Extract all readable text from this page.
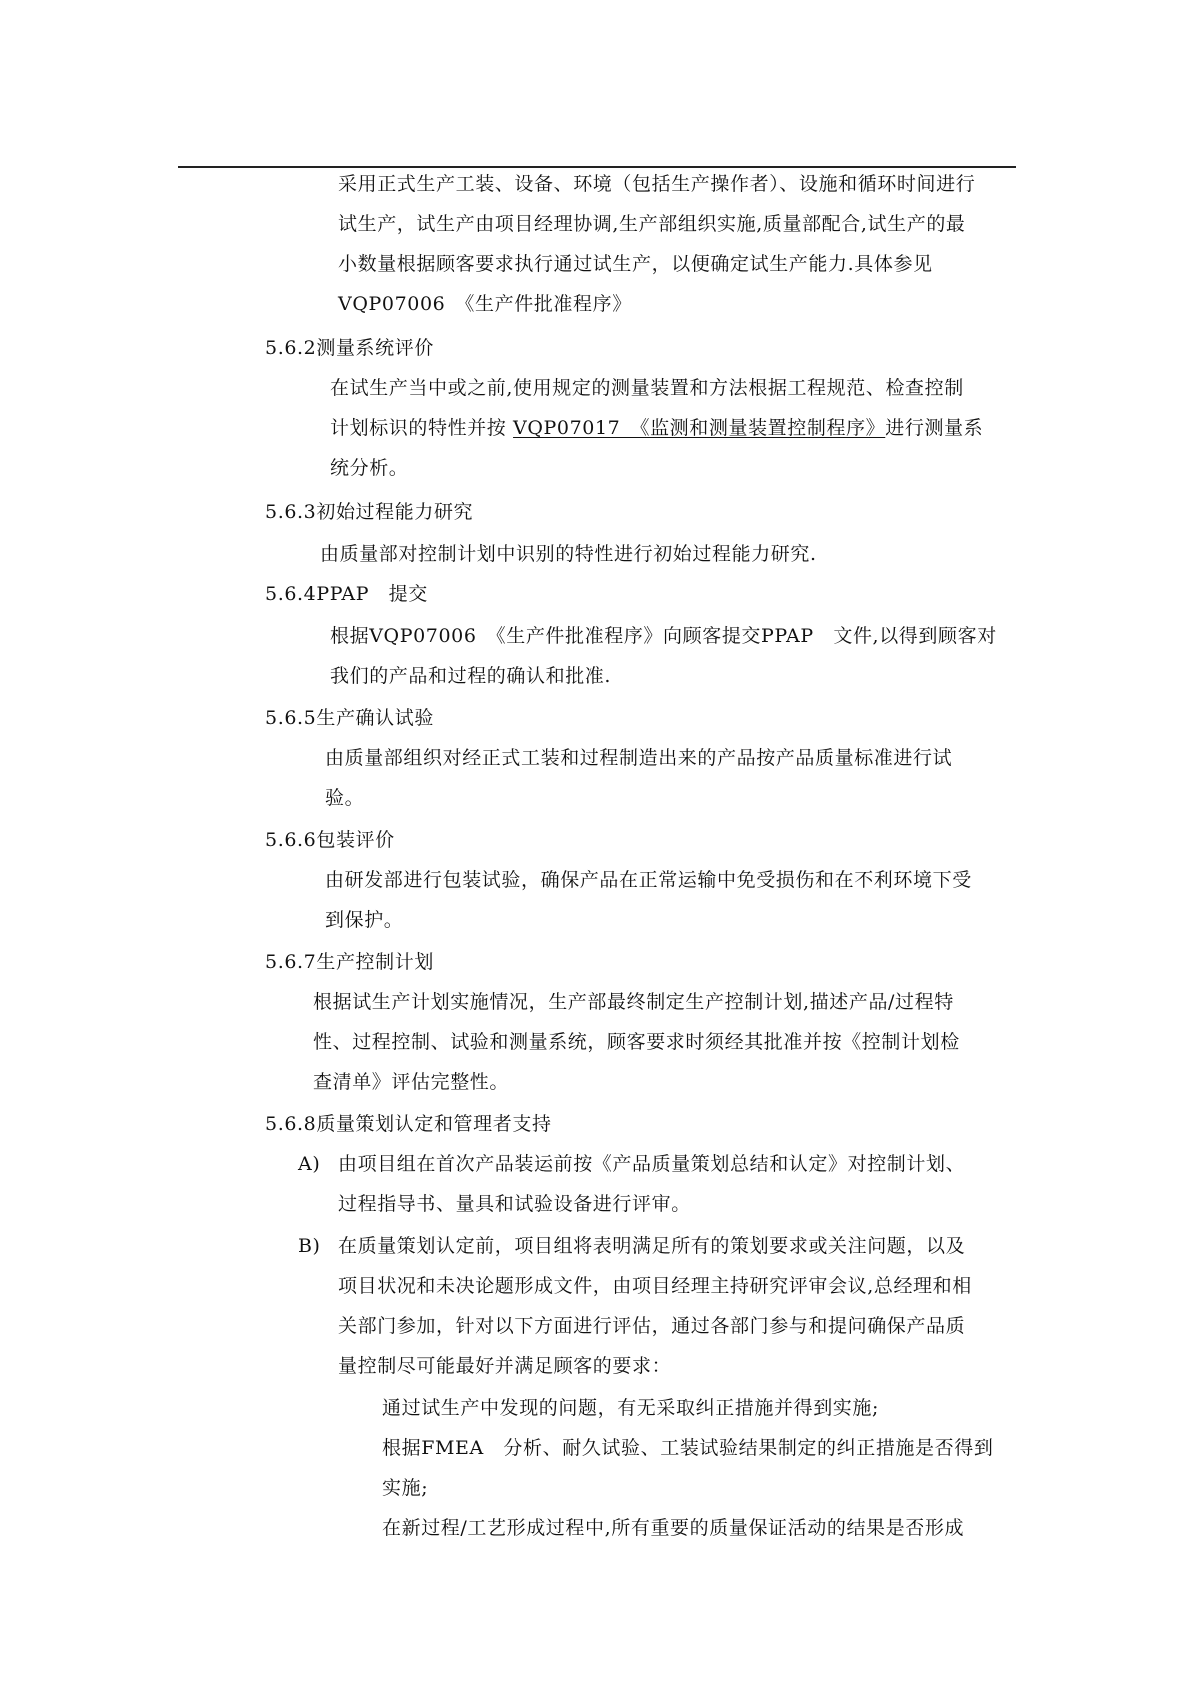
采用正式生产工装、设备、环境（包括生产操作者）、设施和循环时间进行
试生产，试生产由项目经理协调,生产部组织实施,质量部配合,试生产的最
小数量根据顾客要求执行通过试生产，以便确定试生产能力.具体参见
VQP07006　《生产件批准程序》
5.6.2测量系统评价
在试生产当中或之前,使用规定的测量装置和方法根据工程规范、检查控制
计划标识的特性并按 VQP07017　《监测和测量装置控制程序》进行测量系
统分析。
5.6.3初始过程能力研究
由质量部对控制计划中识别的特性进行初始过程能力研究.
5.6.4PPAP　提交
根据VQP07006　《生产件批准程序》向顾客提交PPAP　文件,以得到顾客对
我们的产品和过程的确认和批准.
5.6.5生产确认试验
由质量部组织对经正式工装和过程制造出来的产品按产品质量标准进行试
验。
5.6.6包装评价
由研发部进行包装试验，确保产品在正常运输中免受损伤和在不利环境下受
到保护。
5.6.7生产控制计划
根据试生产计划实施情况，生产部最终制定生产控制计划,描述产品/过程特
性、过程控制、试验和测量系统，顾客要求时须经其批准并按《控制计划检
查清单》评估完整性。
5.6.8质量策划认定和管理者支持
A) 由项目组在首次产品装运前按《产品质量策划总结和认定》对控制计划、
过程指导书、量具和试验设备进行评审。
B) 在质量策划认定前，项目组将表明满足所有的策划要求或关注问题，以及
项目状况和未决论题形成文件，由项目经理主持研究评审会议,总经理和相
关部门参加，针对以下方面进行评估，通过各部门参与和提问确保产品质
量控制尽可能最好并满足顾客的要求：
通过试生产中发现的问题，有无采取纠正措施并得到实施;
根据FMEA　分析、耐久试验、工装试验结果制定的纠正措施是否得到
实施;
在新过程/工艺形成过程中,所有重要的质量保证活动的结果是否形成
